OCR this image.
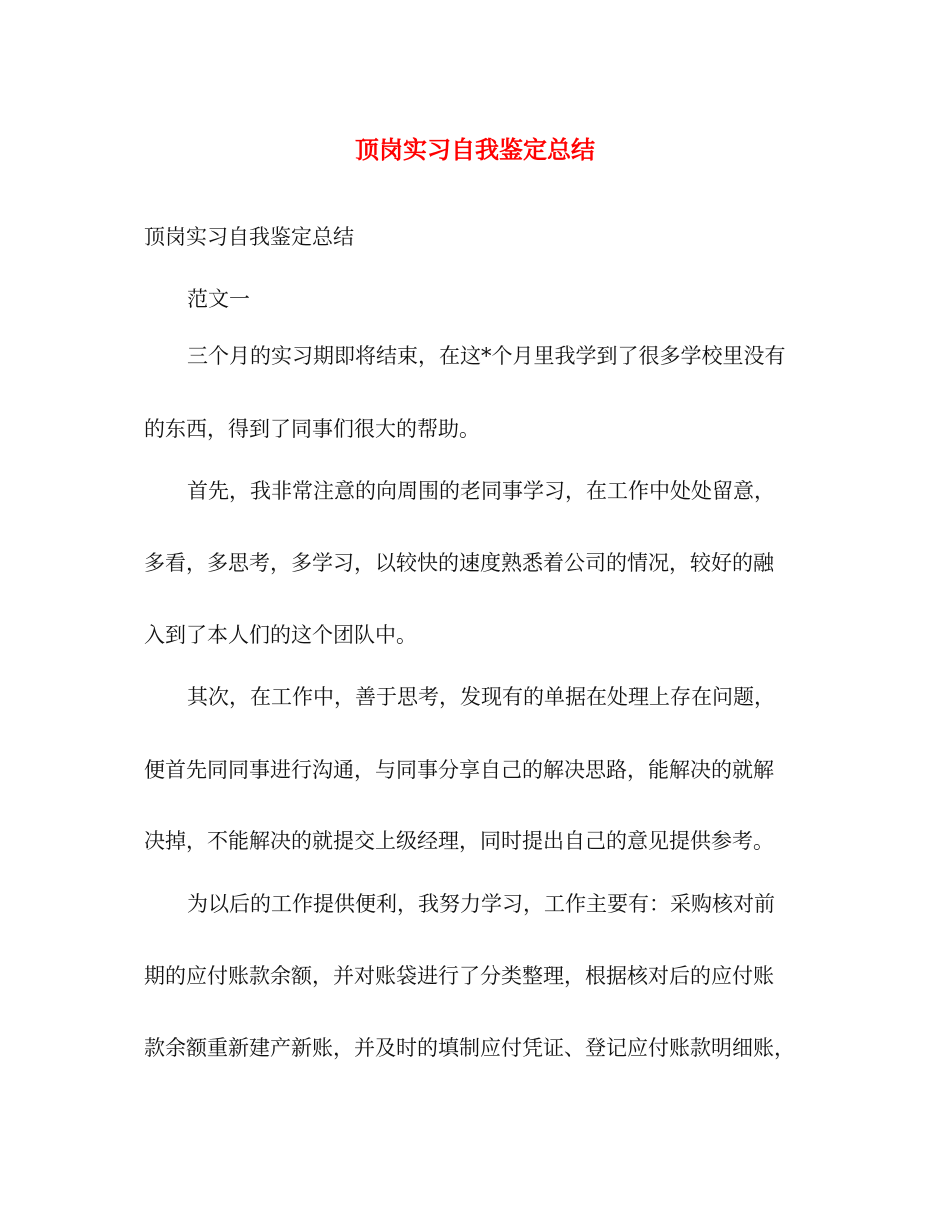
顶岗实习自我鉴定总结
顶岗实习自我鉴定总结
范文一
三个月的实习期即将结束，在这*个月里我学到了很多学校里没有
的东西，得到了同事们很大的帮助。
首先，我非常注意的向周围的老同事学习，在工作中处处留意，
多看，多思考，多学习，以较快的速度熟悉着公司的情况，较好的融
入到了本人们的这个团队中。
其次，在工作中，善于思考，发现有的单据在处理上存在问题，
便首先同同事进行沟通，与同事分享自己的解决思路，能解决的就解
决掉，不能解决的就提交上级经理，同时提出自己的意见提供参考。
为以后的工作提供便利，我努力学习，工作主要有：采购核对前
期的应付账款余额，并对账袋进行了分类整理，根据核对后的应付账
款余额重新建产新账，并及时的填制应付凭证、登记应付账款明细账，
